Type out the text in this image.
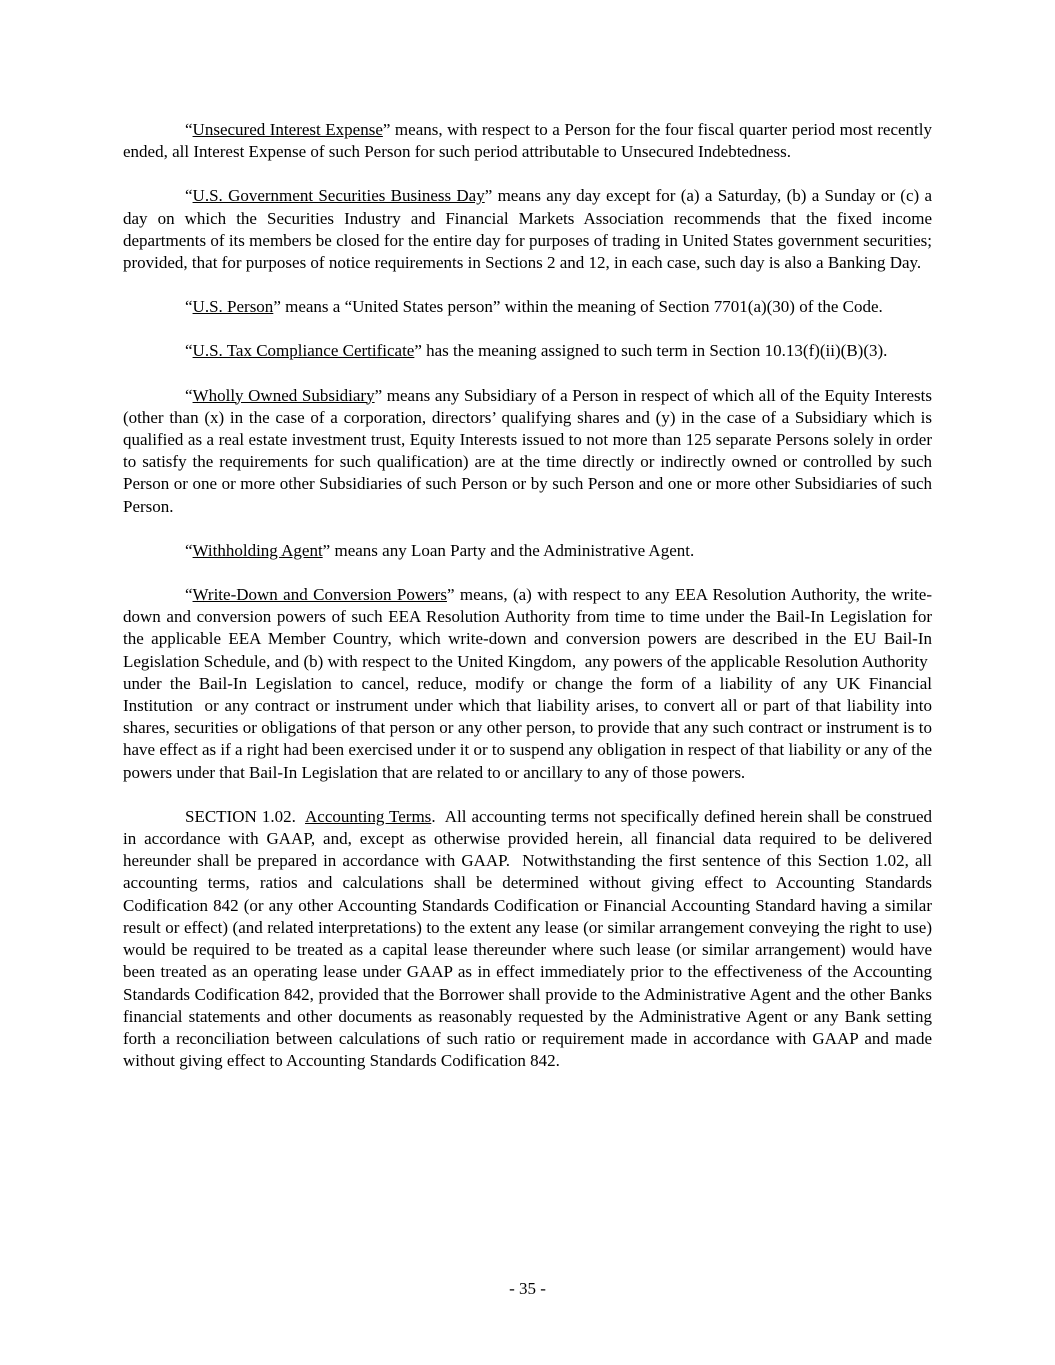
“Unsecured Interest Expense” means, with respect to a Person for the four fiscal quarter period most recently ended, all Interest Expense of such Person for such period attributable to Unsecured Indebtedness.

“U.S. Government Securities Business Day” means any day except for (a) a Saturday, (b) a Sunday or (c) a day on which the Securities Industry and Financial Markets Association recommends that the fixed income departments of its members be closed for the entire day for purposes of trading in United States government securities; provided, that for purposes of notice requirements in Sections 2 and 12, in each case, such day is also a Banking Day.

“U.S. Person” means a “United States person” within the meaning of Section 7701(a)(30) of the Code.

“U.S. Tax Compliance Certificate” has the meaning assigned to such term in Section 10.13(f)(ii)(B)(3).

“Wholly Owned Subsidiary” means any Subsidiary of a Person in respect of which all of the Equity Interests (other than (x) in the case of a corporation, directors’ qualifying shares and (y) in the case of a Subsidiary which is qualified as a real estate investment trust, Equity Interests issued to not more than 125 separate Persons solely in order to satisfy the requirements for such qualification) are at the time directly or indirectly owned or controlled by such Person or one or more other Subsidiaries of such Person or by such Person and one or more other Subsidiaries of such Person.

“Withholding Agent” means any Loan Party and the Administrative Agent.

“Write-Down and Conversion Powers” means, (a) with respect to any EEA Resolution Authority, the write-down and conversion powers of such EEA Resolution Authority from time to time under the Bail-In Legislation for the applicable EEA Member Country, which write-down and conversion powers are described in the EU Bail-In Legislation Schedule, and (b) with respect to the United Kingdom,  any powers of the applicable Resolution Authority  under the Bail-In Legislation to cancel, reduce, modify or change the form of a liability of any UK Financial Institution  or any contract or instrument under which that liability arises, to convert all or part of that liability into shares, securities or obligations of that person or any other person, to provide that any such contract or instrument is to have effect as if a right had been exercised under it or to suspend any obligation in respect of that liability or any of the powers under that Bail-In Legislation that are related to or ancillary to any of those powers.

SECTION 1.02.  Accounting Terms.  All accounting terms not specifically defined herein shall be construed in accordance with GAAP, and, except as otherwise provided herein, all financial data required to be delivered hereunder shall be prepared in accordance with GAAP.  Notwithstanding the first sentence of this Section 1.02, all accounting terms, ratios and calculations shall be determined without giving effect to Accounting Standards Codification 842 (or any other Accounting Standards Codification or Financial Accounting Standard having a similar result or effect) (and related interpretations) to the extent any lease (or similar arrangement conveying the right to use) would be required to be treated as a capital lease thereunder where such lease (or similar arrangement) would have been treated as an operating lease under GAAP as in effect immediately prior to the effectiveness of the Accounting Standards Codification 842, provided that the Borrower shall provide to the Administrative Agent and the other Banks financial statements and other documents as reasonably requested by the Administrative Agent or any Bank setting forth a reconciliation between calculations of such ratio or requirement made in accordance with GAAP and made without giving effect to Accounting Standards Codification 842.

- 35 -
